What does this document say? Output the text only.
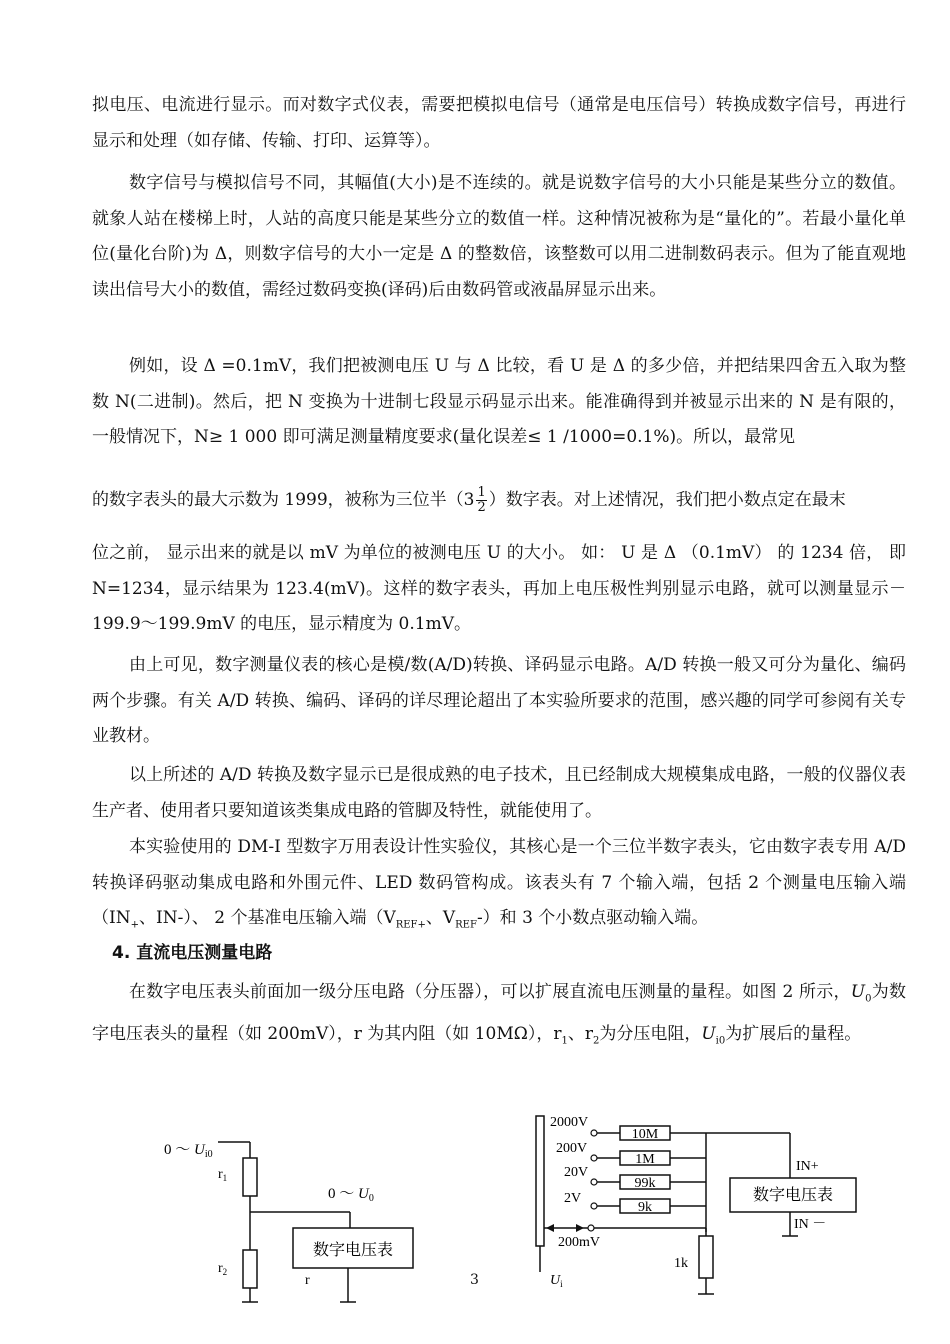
拟电压、电流进行显示。而对数字式仪表，需要把模拟电信号（通常是电压信号）转换成数字信号，再进行显示和处理（如存储、传输、打印、运算等）。

数字信号与模拟信号不同，其幅值(大小)是不连续的。就是说数字信号的大小只能是某些分立的数值。就象人站在楼梯上时，人站的高度只能是某些分立的数值一样。这种情况被称为是“量化的”。若最小量化单位(量化台阶)为 Δ，则数字信号的大小一定是 Δ 的整数倍，该整数可以用二进制数码表示。但为了能直观地读出信号大小的数值，需经过数码变换(译码)后由数码管或液晶屏显示出来。

例如，设 Δ =0.1mV，我们把被测电压 U 与 Δ 比较，看 U 是 Δ 的多少倍，并把结果四舍五入取为整数 N(二进制)。然后，把 N 变换为十进制七段显示码显示出来。能准确得到并被显示出来的 N 是有限的，一般情况下，N≥ 1 000 即可满足测量精度要求(量化误差≤ 1 /1000=0.1%)。所以，最常见

的数字表头的最大示数为 1999，被称为三位半（$3 \frac{1}{2}$ ）数字表。对上述情况，我们把小数点定在最末

位之前， 显示出来的就是以 mV 为单位的被测电压 U 的大小。 如： U 是 Δ （0.1mV） 的 1234 倍， 即 N=1234，显示结果为 123.4(mV)。这样的数字表头，再加上电压极性判别显示电路，就可以测量显示－199.9～199.9mV 的电压，显示精度为 0.1mV。

由上可见，数字测量仪表的核心是模/数(A/D)转换、译码显示电路。A/D 转换一般又可分为量化、编码两个步骤。有关 A/D 转换、编码、译码的详尽理论超出了本实验所要求的范围，感兴趣的同学可参阅有关专业教材。

以上所述的 A/D 转换及数字显示已是很成熟的电子技术，且已经制成大规模集成电路，一般的仪器仪表生产者、使用者只要知道该类集成电路的管脚及特性，就能使用了。

本实验使用的 DM-I 型数字万用表设计性实验仪，其核心是一个三位半数字表头，它由数字表专用 A/D 转换译码驱动集成电路和外围元件、LED 数码管构成。该表头有 7 个输入端，包括 2 个测量电压输入端（$IN_+$、IN-）、 2 个基准电压输入端（$V_{REF+}$、$V_{REF}-$）和 3 个小数点驱动输入端。

4. 直流电压测量电路

在数字电压表头前面加一级分压电路（分压器），可以扩展直流电压测量的量程。如图 2 所示，$U_0$为数字电压表头的量程（如 200mV），r 为其内阻（如 10MΩ），$r_1$、$r_2$为分压电阻，$U_{i0}$为扩展后的量程。

0 ～ $U_{i0}$
$r_1$
$r_2$
0 ～ $U_0$
数字电压表
r	3
2000V
200V
20V
2V
200mV
10M
1M
99k
9k
1k
数字电压表
IN+
IN －
$U_i$
